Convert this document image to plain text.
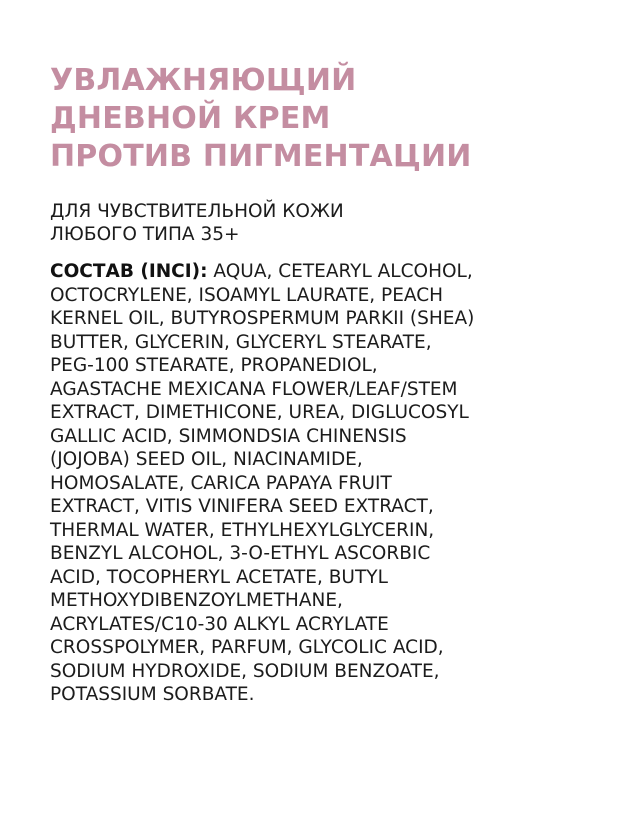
УВЛАЖНЯЮЩИЙ
ДНЕВНОЙ КРЕМ
ПРОТИВ ПИГМЕНТАЦИИ

ДЛЯ ЧУВСТВИТЕЛЬНОЙ КОЖИ
ЛЮБОГО ТИПА 35+

СОСТАВ (INCI): AQUA, CETEARYL ALCOHOL,
OCTOCRYLENE, ISOAMYL LAURATE, PEACH
KERNEL OIL, BUTYROSPERMUM PARKII (SHEA)
BUTTER, GLYCERIN, GLYCERYL STEARATE,
PEG-100 STEARATE, PROPANEDIOL,
AGASTACHE MEXICANA FLOWER/LEAF/STEM
EXTRACT, DIMETHICONE, UREA, DIGLUCOSYL
GALLIC ACID, SIMMONDSIA CHINENSIS
(JOJOBA) SEED OIL, NIACINAMIDE,
HOMOSALATE, CARICA PAPAYA FRUIT
EXTRACT, VITIS VINIFERA SEED EXTRACT,
THERMAL WATER, ETHYLHEXYLGLYCERIN,
BENZYL ALCOHOL, 3-O-ETHYL ASCORBIC
ACID, TOCOPHERYL ACETATE, BUTYL
METHOXYDIBENZOYLMETHANE,
ACRYLATES/C10-30 ALKYL ACRYLATE
CROSSPOLYMER, PARFUM, GLYCOLIC ACID,
SODIUM HYDROXIDE, SODIUM BENZOATE,
POTASSIUM SORBATE.
